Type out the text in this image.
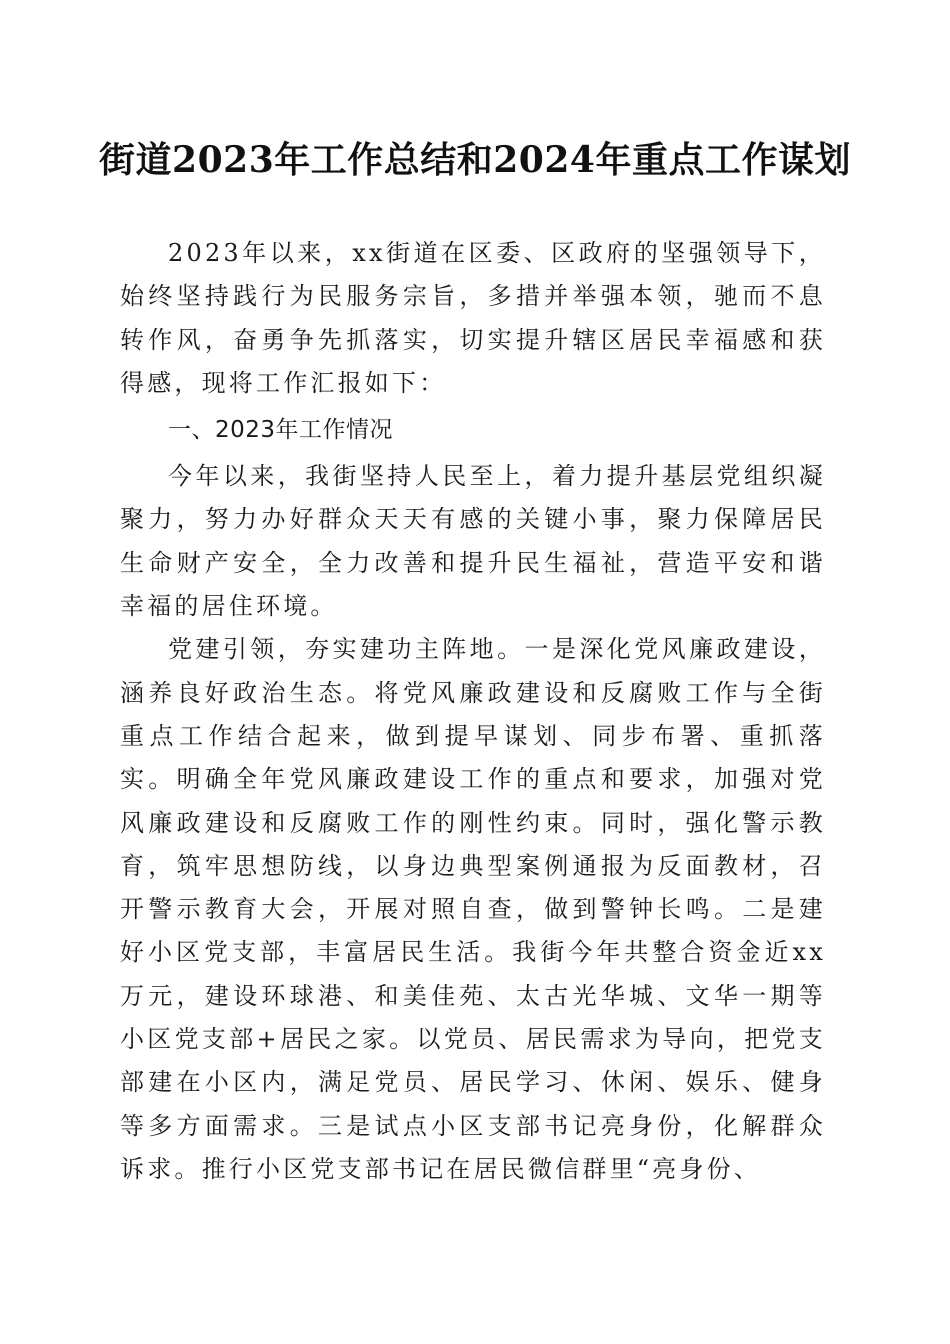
街道2023年工作总结和2024年重点工作谋划

2023年以来，xx街道在区委、区政府的坚强领导下，始终坚持践行为民服务宗旨，多措并举强本领，驰而不息转作风，奋勇争先抓落实，切实提升辖区居民幸福感和获得感，现将工作汇报如下：

一、2023年工作情况

今年以来，我街坚持人民至上，着力提升基层党组织凝聚力，努力办好群众天天有感的关键小事，聚力保障居民生命财产安全，全力改善和提升民生福祉，营造平安和谐幸福的居住环境。

党建引领，夯实建功主阵地。一是深化党风廉政建设，涵养良好政治生态。将党风廉政建设和反腐败工作与全街重点工作结合起来，做到提早谋划、同步布署、重抓落实。明确全年党风廉政建设工作的重点和要求，加强对党风廉政建设和反腐败工作的刚性约束。同时，强化警示教育，筑牢思想防线，以身边典型案例通报为反面教材，召开警示教育大会，开展对照自查，做到警钟长鸣。二是建好小区党支部，丰富居民生活。我街今年共整合资金近xx万元，建设环球港、和美佳苑、太古光华城、文华一期等小区党支部+居民之家。以党员、居民需求为导向，把党支部建在小区内，满足党员、居民学习、休闲、娱乐、健身等多方面需求。三是试点小区支部书记亮身份，化解群众诉求。推行小区党支部书记在居民微信群里“亮身份、
